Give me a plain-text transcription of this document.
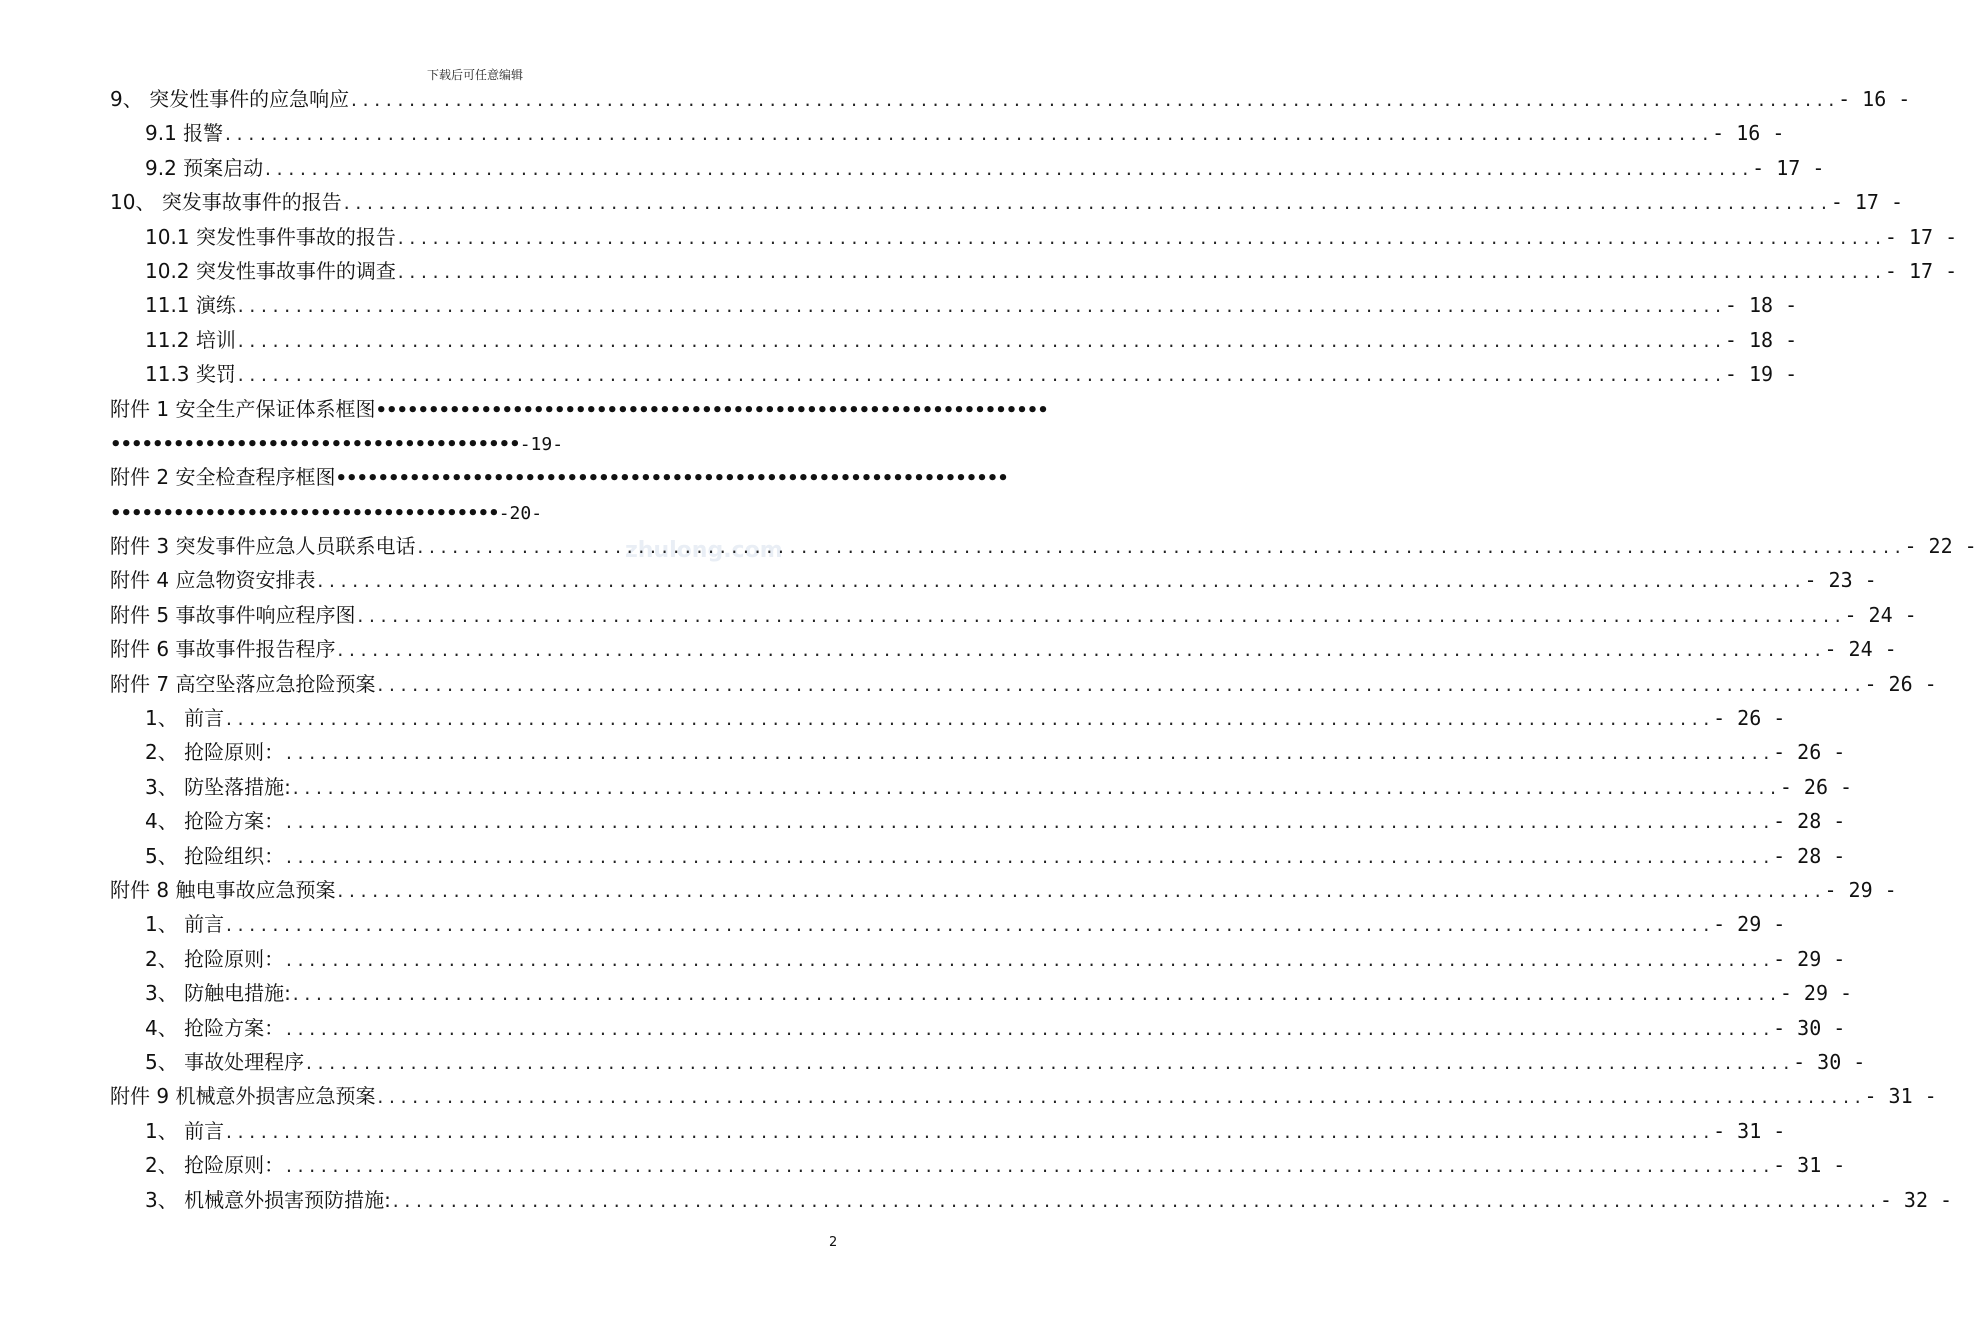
下载后可任意编辑
zhulong.com
9、 突发性事件的应急响应 .....	- 16 -
9.1 报警 .....	- 16 -
9.2 预案启动 .....	- 17 -
10、 突发事故事件的报告 .....	- 17 -
10.1 突发性事件事故的报告 .....	- 17 -
10.2 突发性事故事件的调查 .....	- 17 -
11.1 演练 .....	- 18 -
11.2 培训 .....	- 18 -
11.3 奖罚 .....	- 19 -
附件 1 安全生产保证体系框图••••••••••••••••••••••••••••••••••••••••••••••••••••••••••••••••
•••••••••••••••••••••••••••••••••••••••-19-
附件 2 安全检查程序框图••••••••••••••••••••••••••••••••••••••••••••••••••••••••••••••••
•••••••••••••••••••••••••••••••••••••-20-
附件 3 突发事件应急人员联系电话 .....	- 22 -
附件 4 应急物资安排表 .....	- 23 -
附件 5 事故事件响应程序图 .....	- 24 -
附件 6 事故事件报告程序 .....	- 24 -
附件 7 高空坠落应急抢险预案 .....	- 26 -
1、 前言 .....	- 26 -
2、 抢险原则： .....	- 26 -
3、 防坠落措施: .....	- 26 -
4、 抢险方案： .....	- 28 -
5、 抢险组织： .....	- 28 -
附件 8 触电事故应急预案 .....	- 29 -
1、 前言 .....	- 29 -
2、 抢险原则： .....	- 29 -
3、 防触电措施: .....	- 29 -
4、 抢险方案： .....	- 30 -
5、 事故处理程序 .....	- 30 -
附件 9 机械意外损害应急预案 .....	- 31 -
1、 前言 .....	- 31 -
2、 抢险原则： .....	- 31 -
3、 机械意外损害预防措施: .....	- 32 -
2
